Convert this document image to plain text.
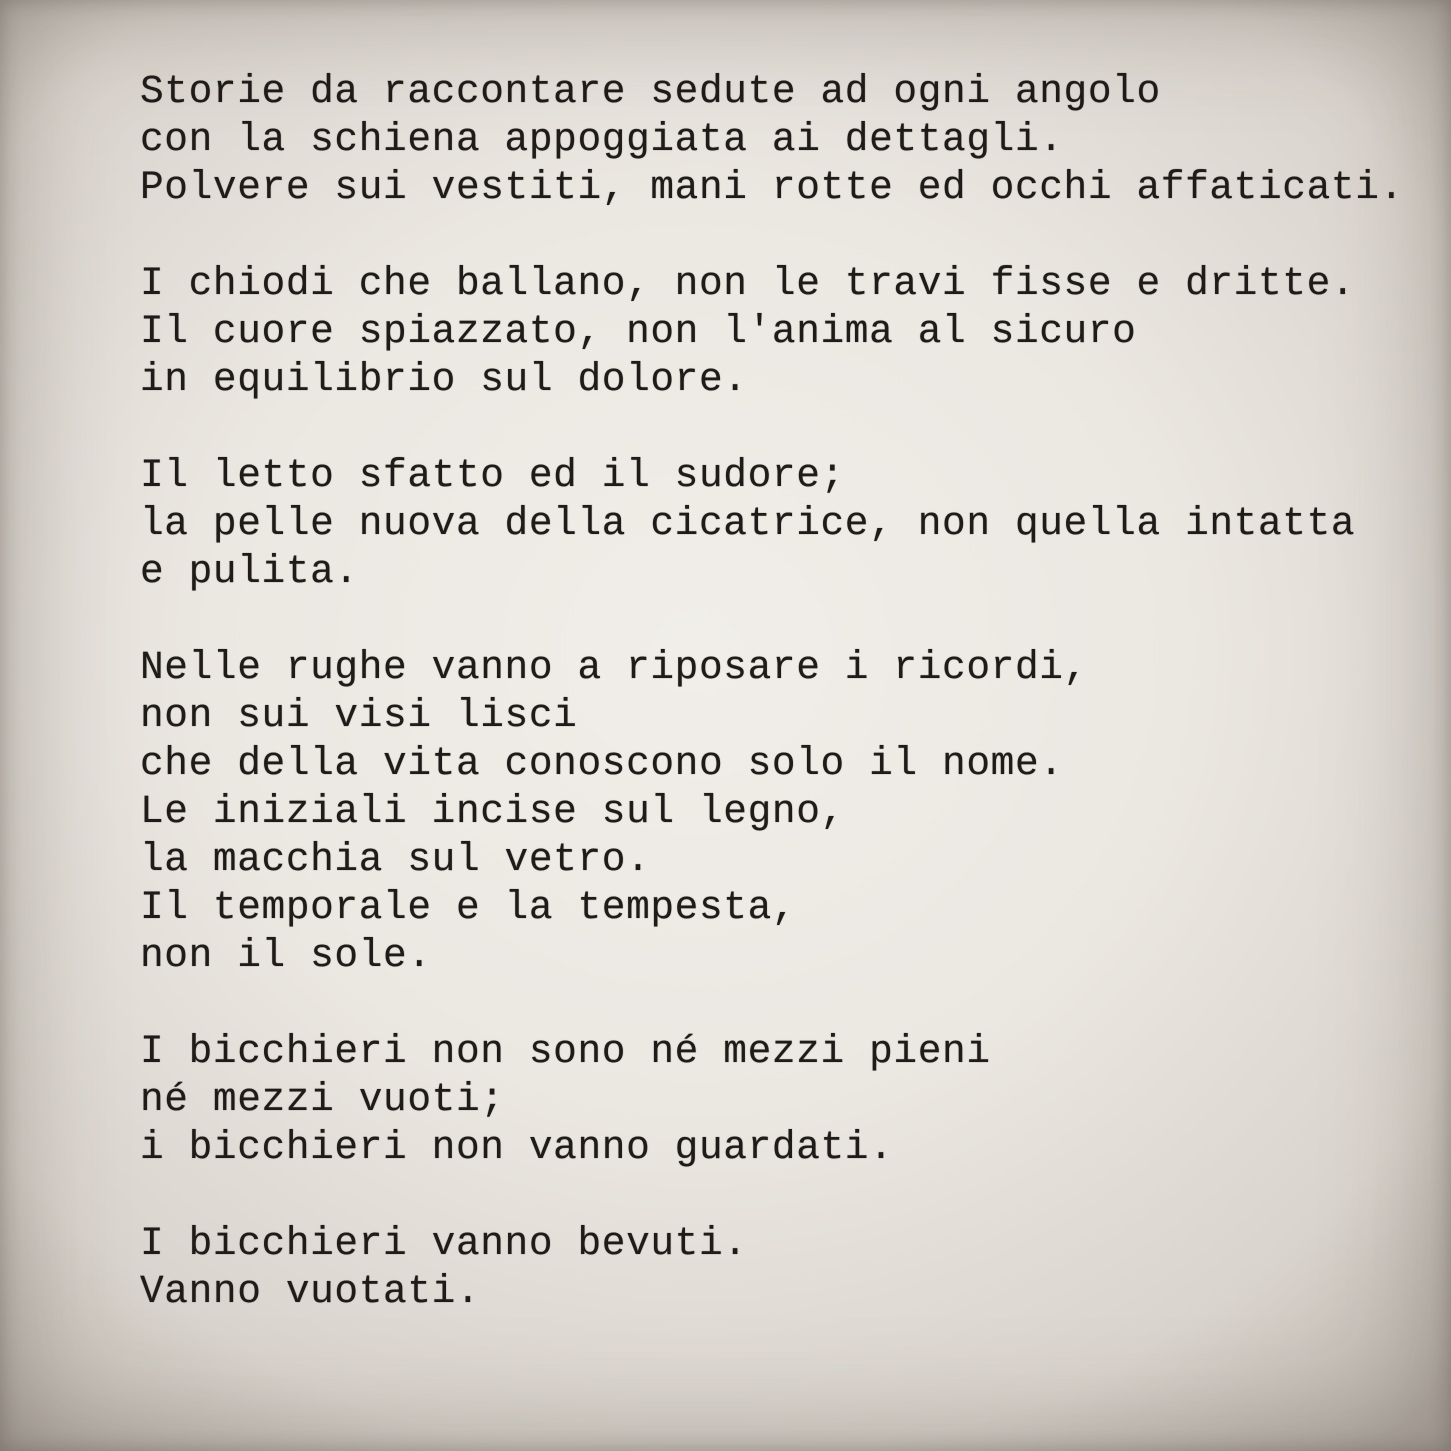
Storie da raccontare sedute ad ogni angolo
con la schiena appoggiata ai dettagli.
Polvere sui vestiti, mani rotte ed occhi affaticati.
I chiodi che ballano, non le travi fisse e dritte.
Il cuore spiazzato, non l'anima al sicuro
in equilibrio sul dolore.
Il letto sfatto ed il sudore;
la pelle nuova della cicatrice, non quella intatta
e pulita.
Nelle rughe vanno a riposare i ricordi,
non sui visi lisci
che della vita conoscono solo il nome.
Le iniziali incise sul legno,
la macchia sul vetro.
Il temporale e la tempesta,
non il sole.
I bicchieri non sono né mezzi pieni
né mezzi vuoti;
i bicchieri non vanno guardati.
I bicchieri vanno bevuti.
Vanno vuotati.
